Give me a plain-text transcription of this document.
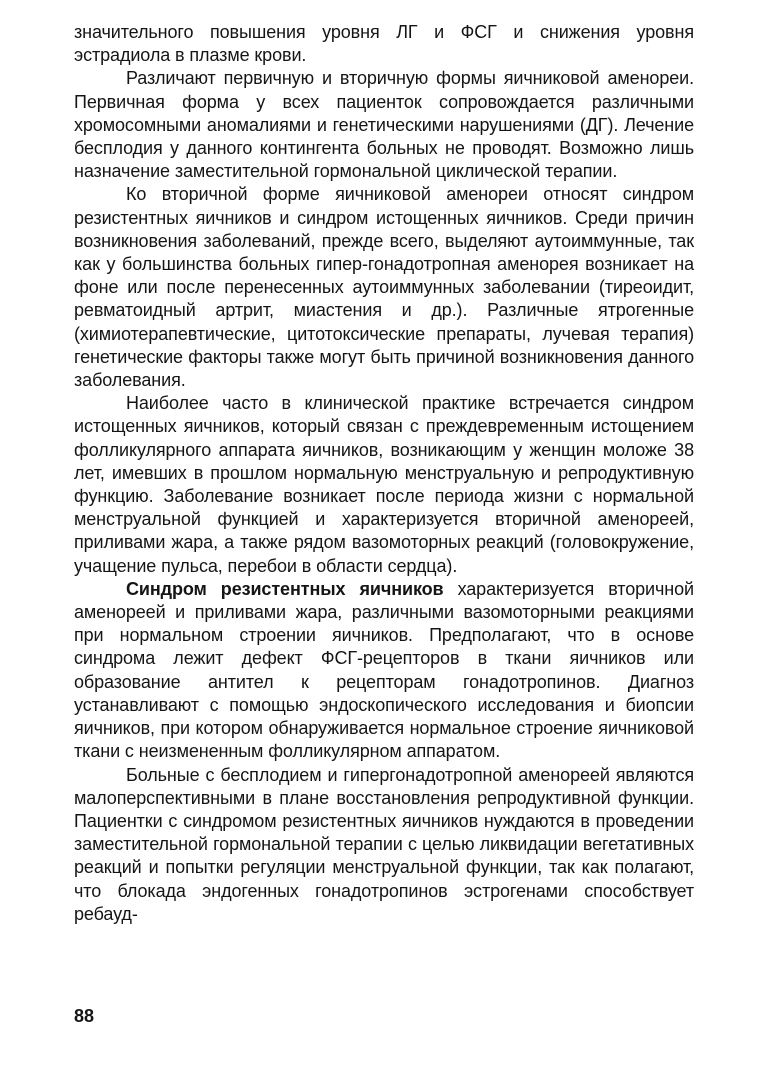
значительного повышения уровня ЛГ и ФСГ и снижения уровня эстрадиола в плазме крови.

Различают первичную и вторичную формы яичниковой аменореи. Первичная форма у всех пациенток сопровождается различными хромосомными аномалиями и генетическими нарушениями (ДГ). Лечение бесплодия у данного контингента больных не проводят. Возможно лишь назначение заместительной гормональной циклической терапии.

Ко вторичной форме яичниковой аменореи относят синдром резистентных яичников и синдром истощенных яичников. Среди причин возникновения заболеваний, прежде всего, выделяют аутоиммунные, так как у большинства больных гипер-гонадотропная аменорея возникает на фоне или после перенесенных аутоиммунных заболевании (тиреоидит, ревматоидный артрит, миастения и др.). Различные ятрогенные (химиотерапевтические, цитотоксические препараты, лучевая терапия) генетические факторы также могут быть причиной возникновения данного заболевания.

Наиболее часто в клинической практике встречается синдром истощенных яичников, который связан с преждевременным истощением фолликулярного аппарата яичников, возникающим у женщин моложе 38 лет, имевших в прошлом нормальную менструальную и репродуктивную функцию. Заболевание возникает после периода жизни с нормальной менструальной функцией и характеризуется вторичной аменореей, приливами жара, а также рядом вазомоторных реакций (головокружение, учащение пульса, перебои в области сердца).

Синдром резистентных яичников характеризуется вторичной аменореей и приливами жара, различными вазомоторными реакциями при нормальном строении яичников. Предполагают, что в основе синдрома лежит дефект ФСГ-рецепторов в ткани яичников или образование антител к рецепторам гонадотропинов. Диагноз устанавливают с помощью эндоскопического исследования и биопсии яичников, при котором обнаруживается нормальное строение яичниковой ткани с неизмененным фолликулярном аппаратом.

Больные с бесплодием и гипергонадотропной аменореей являются малоперспективными в плане восстановления репродуктивной функции. Пациентки с синдромом резистентных яичников нуждаются в проведении заместительной гормональной терапии с целью ликвидации вегетативных реакций и попытки регуляции менструальной функции, так как полагают, что блокада эндогенных гонадотропинов эстрогенами способствует ребауд-

88
